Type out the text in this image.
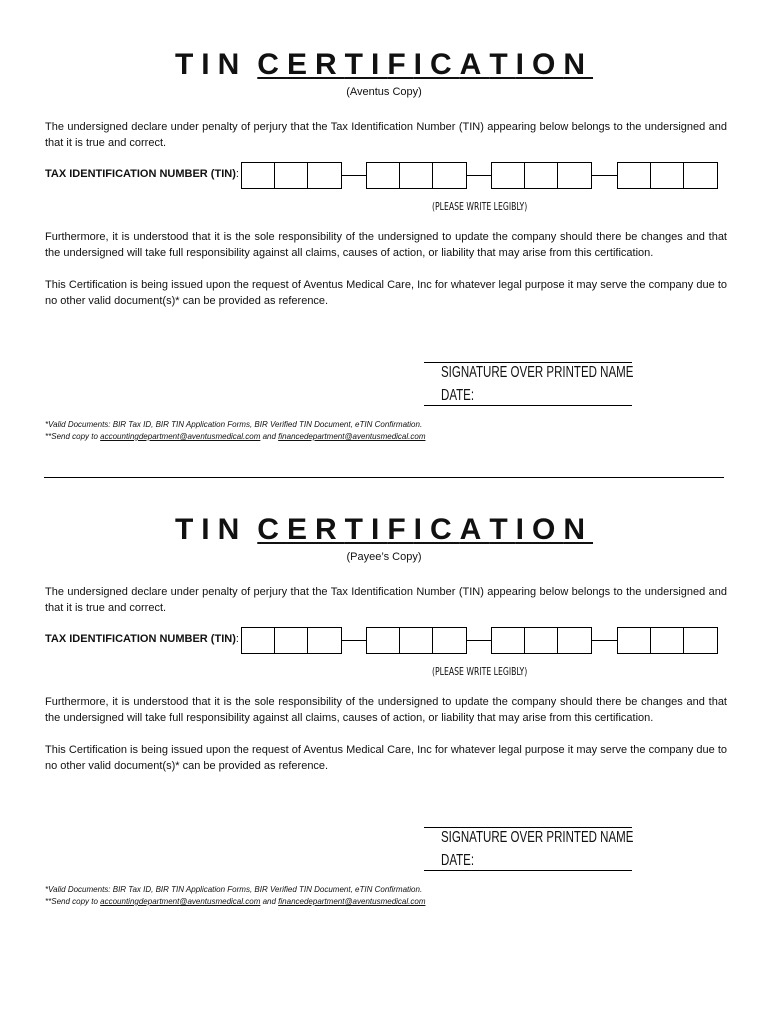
TIN CERTIFICATION
(Aventus Copy)
The undersigned declare under penalty of perjury that the Tax Identification Number (TIN) appearing below belongs to the undersigned and that it is true and correct.
TAX IDENTIFICATION NUMBER (TIN):
(PLEASE WRITE LEGIBLY)
Furthermore, it is understood that it is the sole responsibility of the undersigned to update the company should there be changes and that the undersigned will take full responsibility against all claims, causes of action, or liability that may arise from this certification.
This Certification is being issued upon the request of Aventus Medical Care, Inc for whatever legal purpose it may serve the company due to no other valid document(s)* can be provided as reference.
SIGNATURE OVER PRINTED NAME
DATE:
*Valid Documents: BIR Tax ID, BIR TIN Application Forms, BIR Verified TIN Document, eTIN Confirmation.
**Send copy to accountingdepartment@aventusmedical.com and financedepartment@aventusmedical.com
TIN CERTIFICATION
(Payee’s Copy)
The undersigned declare under penalty of perjury that the Tax Identification Number (TIN) appearing below belongs to the undersigned and that it is true and correct.
TAX IDENTIFICATION NUMBER (TIN):
(PLEASE WRITE LEGIBLY)
Furthermore, it is understood that it is the sole responsibility of the undersigned to update the company should there be changes and that the undersigned will take full responsibility against all claims, causes of action, or liability that may arise from this certification.
This Certification is being issued upon the request of Aventus Medical Care, Inc for whatever legal purpose it may serve the company due to no other valid document(s)* can be provided as reference.
SIGNATURE OVER PRINTED NAME
DATE:
*Valid Documents: BIR Tax ID, BIR TIN Application Forms, BIR Verified TIN Document, eTIN Confirmation.
**Send copy to accountingdepartment@aventusmedical.com and financedepartment@aventusmedical.com
